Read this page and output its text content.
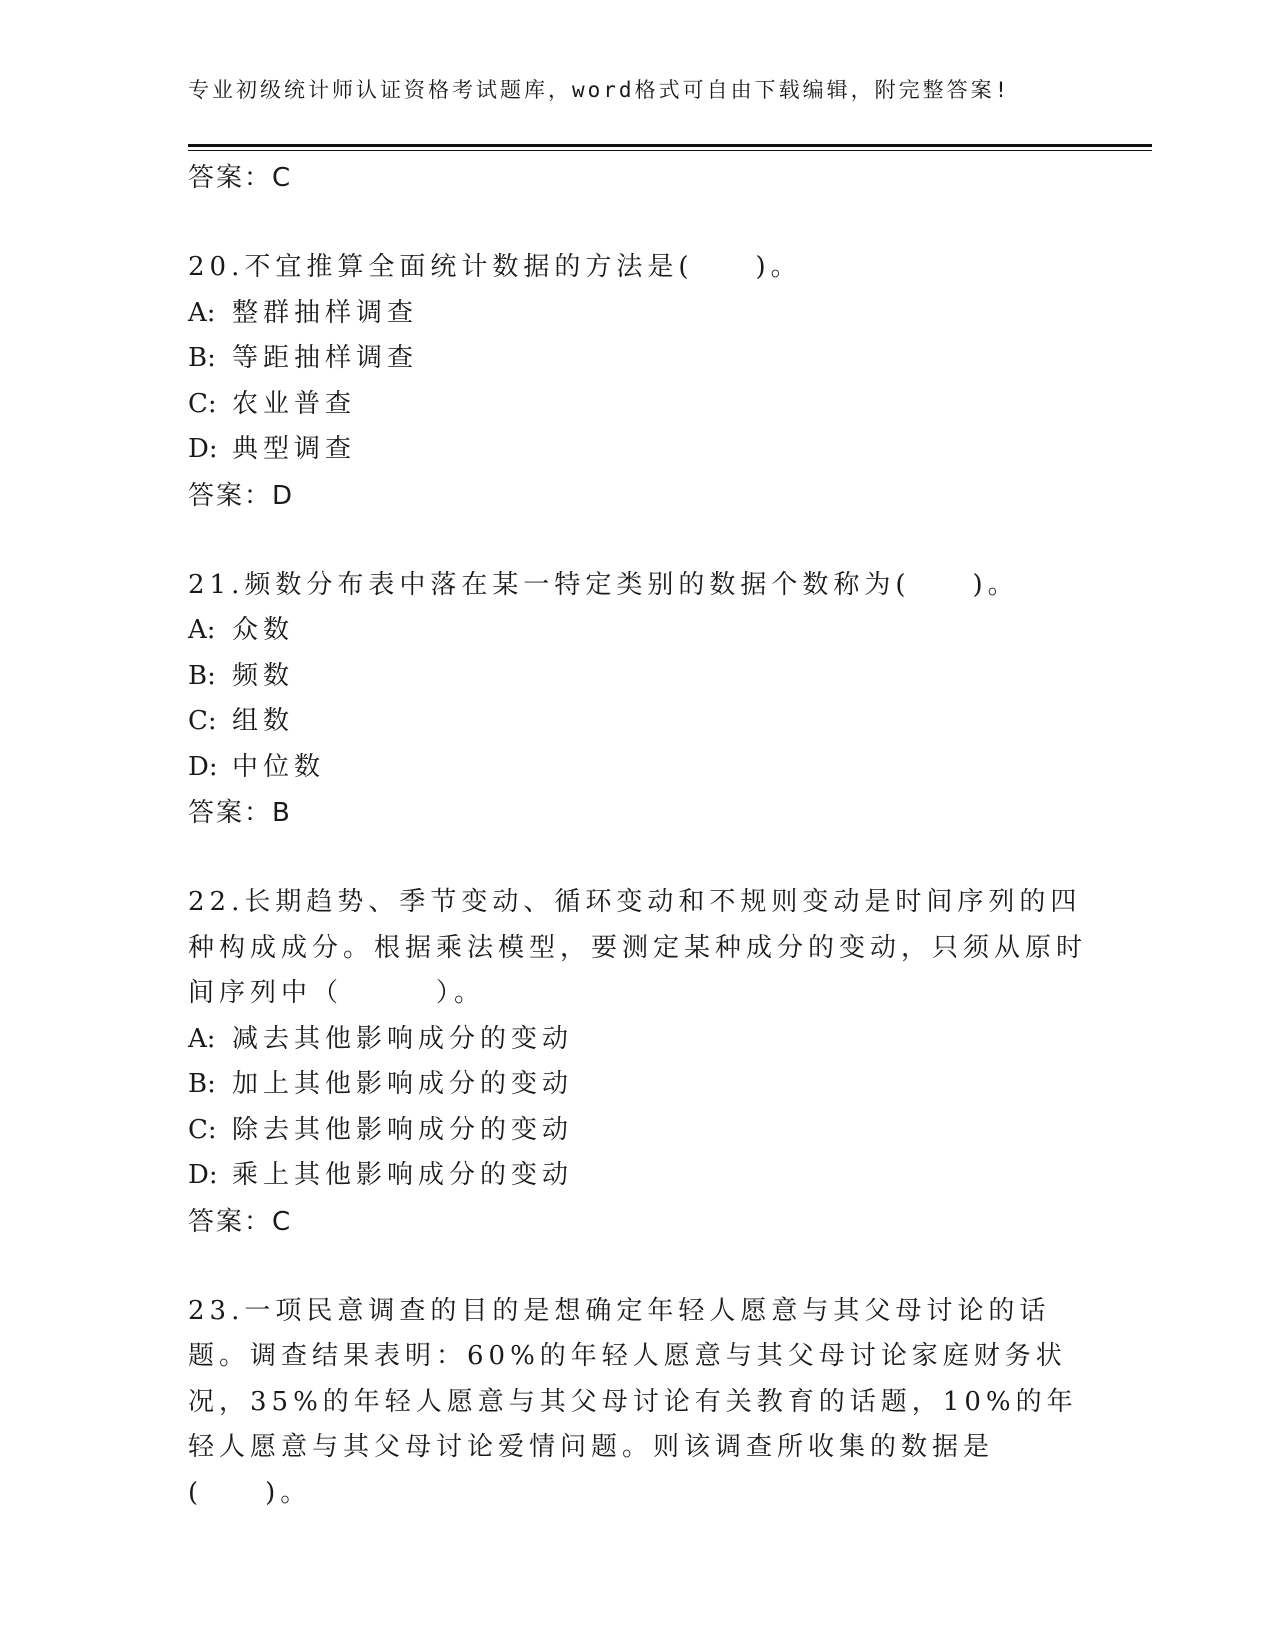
专业初级统计师认证资格考试题库，word格式可自由下载编辑，附完整答案!
答案：C

20.不宜推算全面统计数据的方法是(　　)。

A: 整群抽样调查
B: 等距抽样调查
C: 农业普查
D: 典型调查
答案：D

21.频数分布表中落在某一特定类别的数据个数称为(　　)。

A: 众数
B: 频数
C: 组数
D: 中位数
答案：B

22.长期趋势、季节变动、循环变动和不规则变动是时间序列的四种构成成分。根据乘法模型，要测定某种成分的变动，只须从原时间序列中（　　　）。

A: 减去其他影响成分的变动
B: 加上其他影响成分的变动
C: 除去其他影响成分的变动
D: 乘上其他影响成分的变动
答案：C

23.一项民意调查的目的是想确定年轻人愿意与其父母讨论的话题。调查结果表明：60%的年轻人愿意与其父母讨论家庭财务状况，35%的年轻人愿意与其父母讨论有关教育的话题，10%的年轻人愿意与其父母讨论爱情问题。则该调查所收集的数据是(　　)。
